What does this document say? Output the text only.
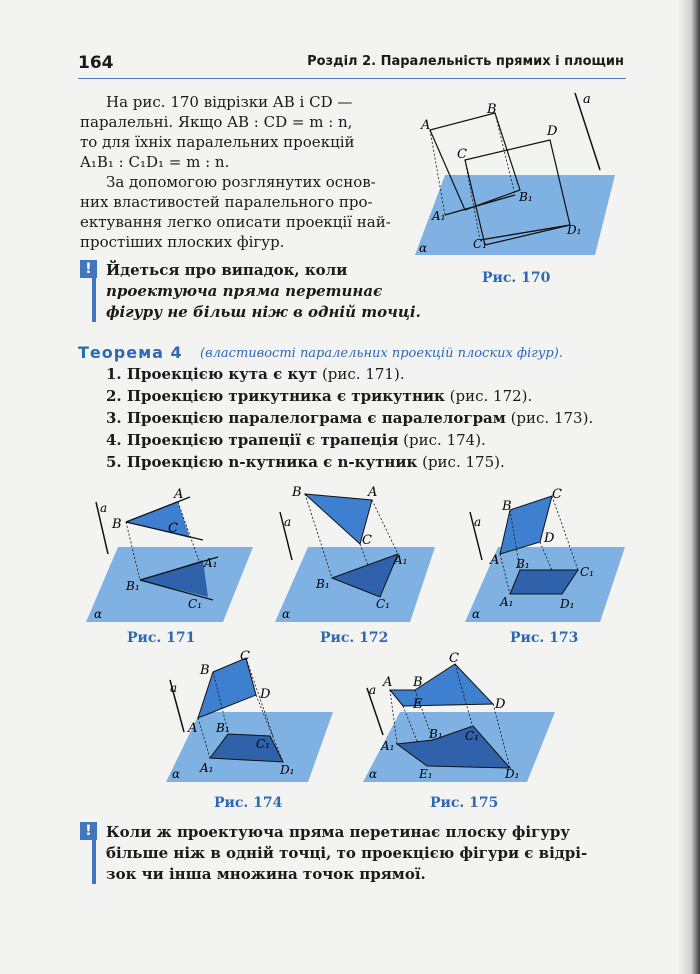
164	Розділ 2. Паралельність прямих і площин
На рис. 170 відрізки AB і CD —
паралельні. Якщо AB : CD = m : n,
то для їхніх паралельних проекцій
A₁B₁ : C₁D₁ = m : n.
За допомогою розглянутих основ-
них властивостей паралельного про-
ектування легко описати проекції най-
простіших плоских фігур.
! Йдеться про випадок, коли
проектуюча пряма перетинає
фігуру не більш ніж в одній точці.
a
A
B
C
D
B₁
A₁
C₁
D₁
α
Рис. 170
Теорема 4 (властивості паралельних проекцій плоских фігур).
1. Проекцією кута є кут (рис. 171).
2. Проекцією трикутника є трикутник (рис. 172).
3. Проекцією паралелограма є паралелограм (рис. 173).
4. Проекцією трапеції є трапеція (рис. 174).
5. Проекцією n-кутника є n-кутник (рис. 175).
a
A
B	C
A₁
B₁
C₁
α
Рис. 171
a
B	A
C
A₁
B₁
C₁
α
Рис. 172
a
B
C
D
A B₁
C₁
A₁	D₁
α
Рис. 173
a
B
C
D
A B₁
C₁
A₁	D₁
α
Рис. 174
a A B
C
D
E
A₁
B₁ C₁
E₁	D₁
α
Рис. 175
! Коли ж проектуюча пряма перетинає плоску фігуру
більше ніж в одній точці, то проекцією фігури є відрі-
зок чи інша множина точок прямої.
